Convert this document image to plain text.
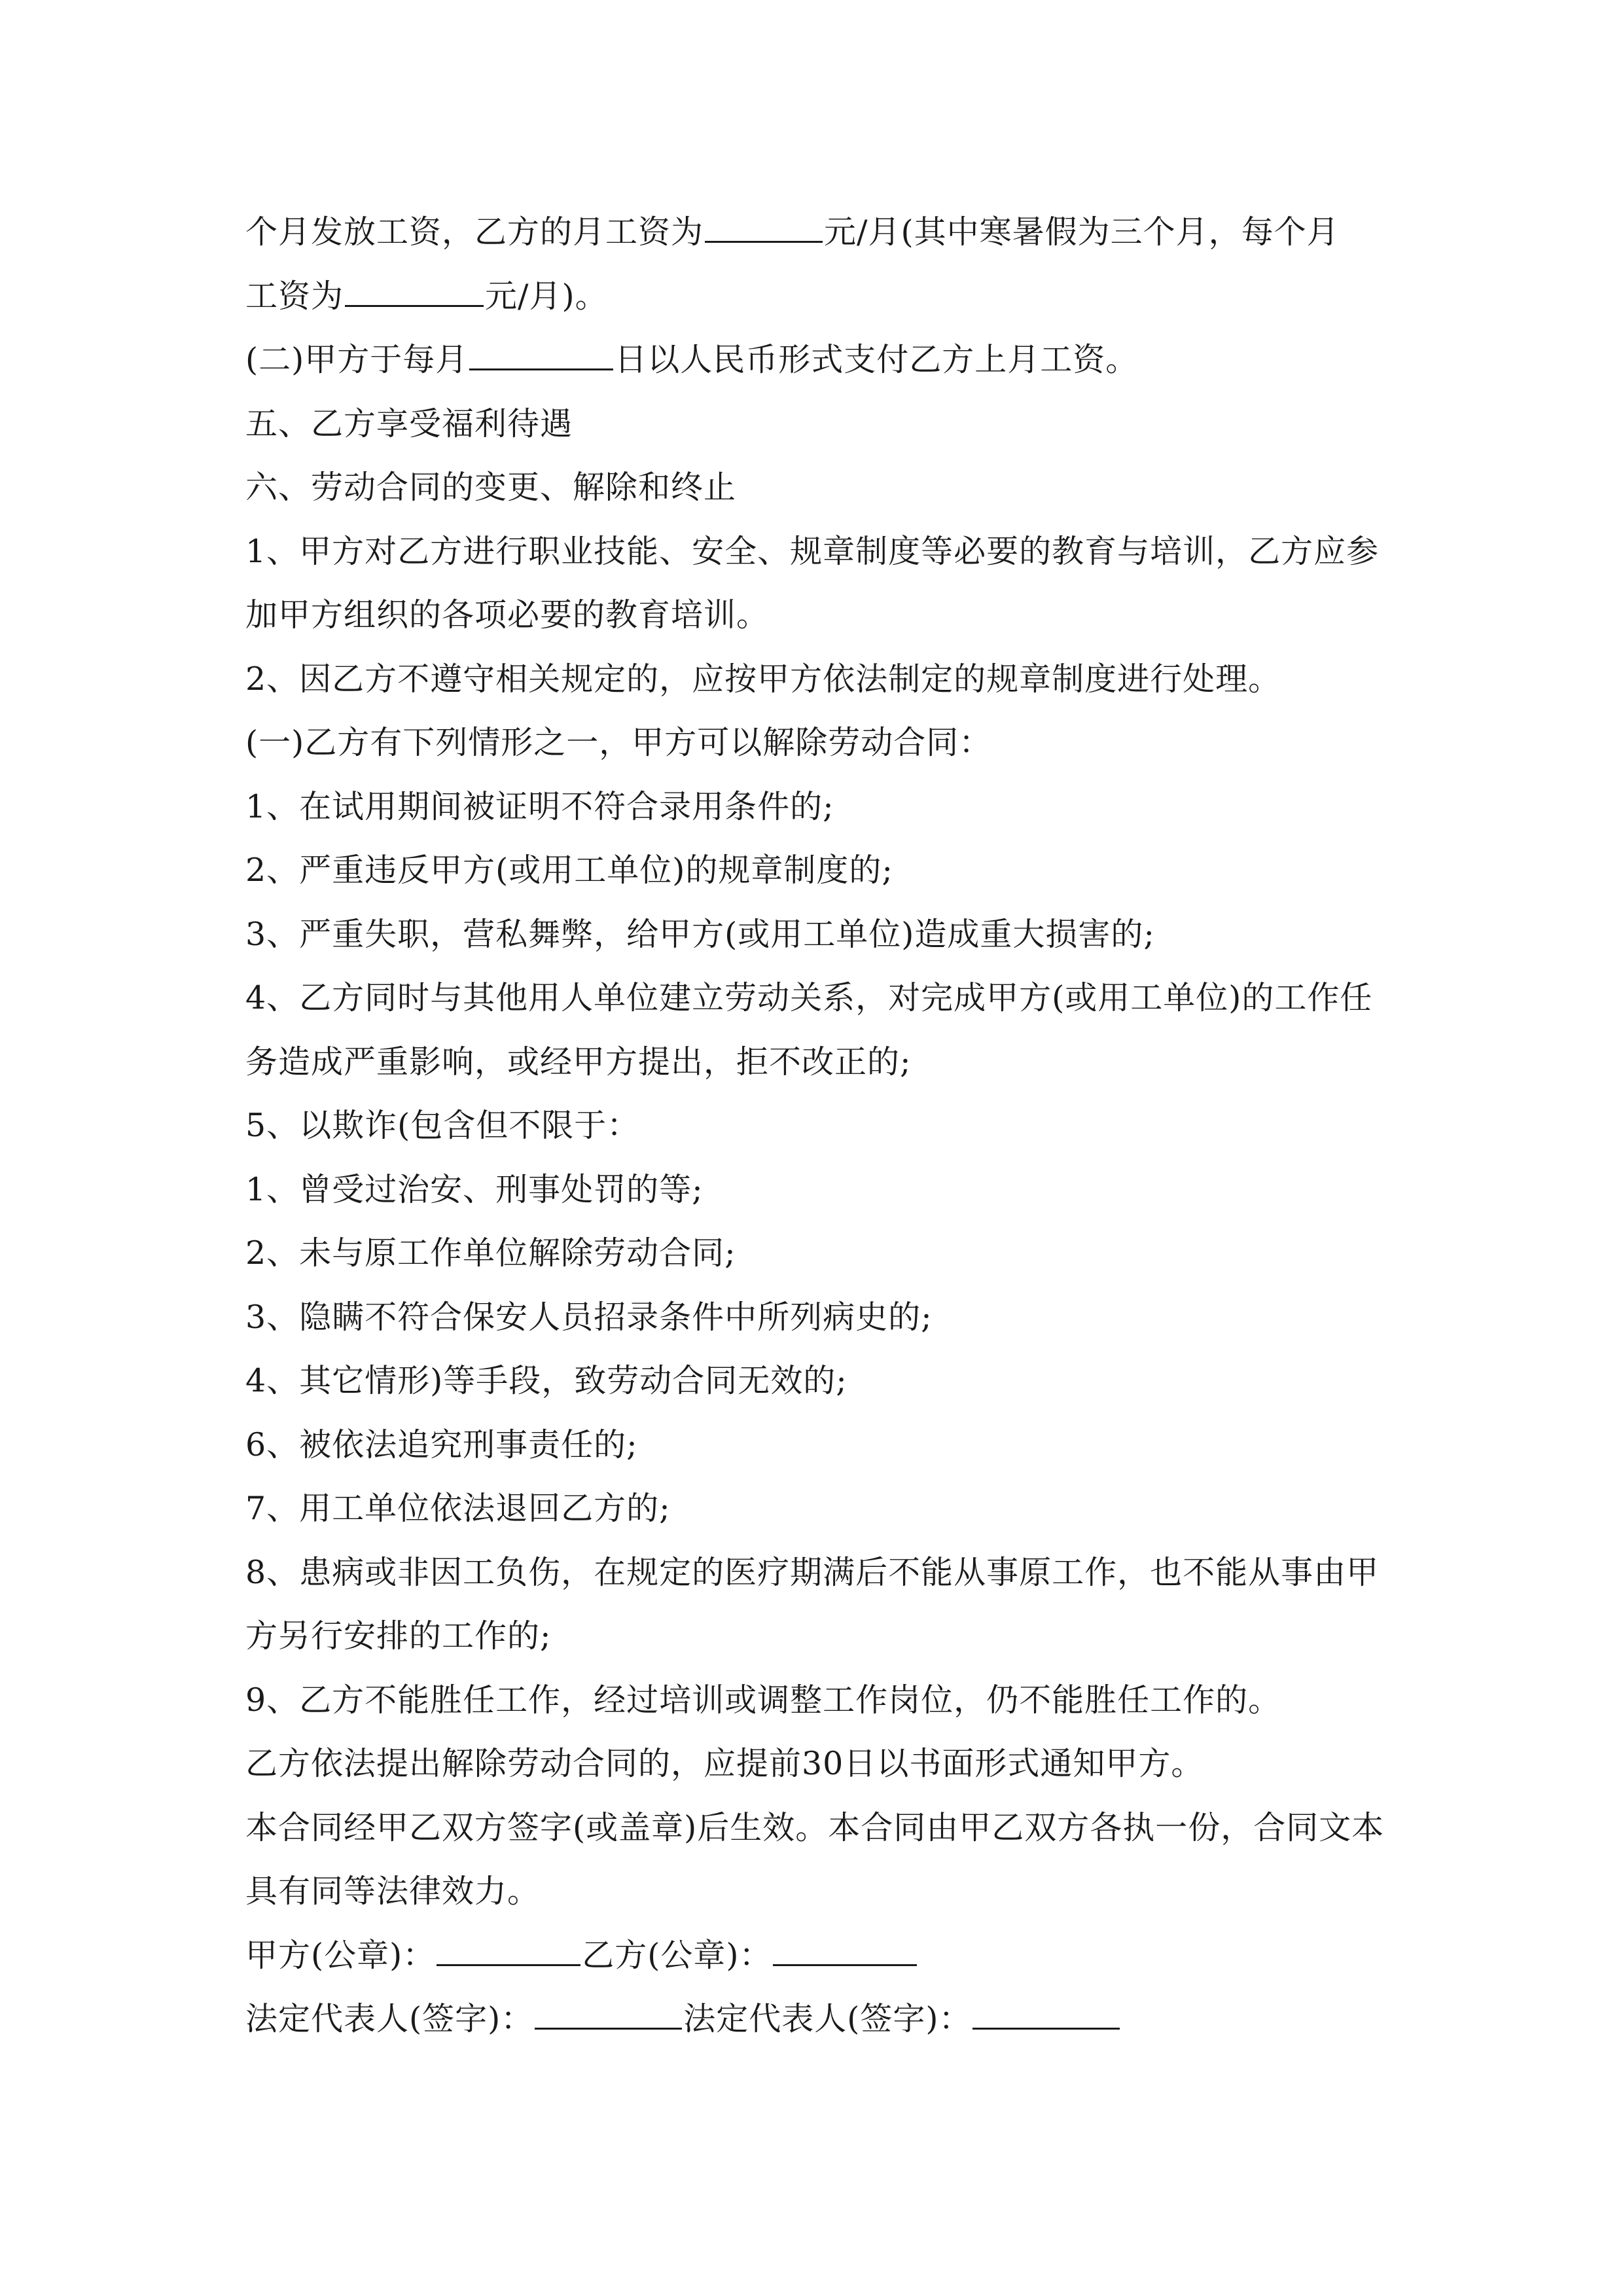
个月发放工资，乙方的月工资为	元/月(其中寒暑假为三个月，每个月
工资为	元/月)。
(二)甲方于每月	日以人民币形式支付乙方上月工资。
五、乙方享受福利待遇
六、劳动合同的变更、解除和终止
1、甲方对乙方进行职业技能、安全、规章制度等必要的教育与培训，乙方应参
加甲方组织的各项必要的教育培训。
2、因乙方不遵守相关规定的，应按甲方依法制定的规章制度进行处理。
(一)乙方有下列情形之一，甲方可以解除劳动合同：
1、在试用期间被证明不符合录用条件的;
2、严重违反甲方(或用工单位)的规章制度的;
3、严重失职，营私舞弊，给甲方(或用工单位)造成重大损害的;
4、乙方同时与其他用人单位建立劳动关系，对完成甲方(或用工单位)的工作任
务造成严重影响，或经甲方提出，拒不改正的;
5、以欺诈(包含但不限于：
1、曾受过治安、刑事处罚的等;
2、未与原工作单位解除劳动合同;
3、隐瞒不符合保安人员招录条件中所列病史的;
4、其它情形)等手段，致劳动合同无效的;
6、被依法追究刑事责任的;
7、用工单位依法退回乙方的;
8、患病或非因工负伤，在规定的医疗期满后不能从事原工作，也不能从事由甲
方另行安排的工作的;
9、乙方不能胜任工作，经过培训或调整工作岗位，仍不能胜任工作的。
乙方依法提出解除劳动合同的，应提前30日以书面形式通知甲方。
本合同经甲乙双方签字(或盖章)后生效。本合同由甲乙双方各执一份，合同文本
具有同等法律效力。
甲方(公章)：	乙方(公章)：
法定代表人(签字)：	法定代表人(签字)：
